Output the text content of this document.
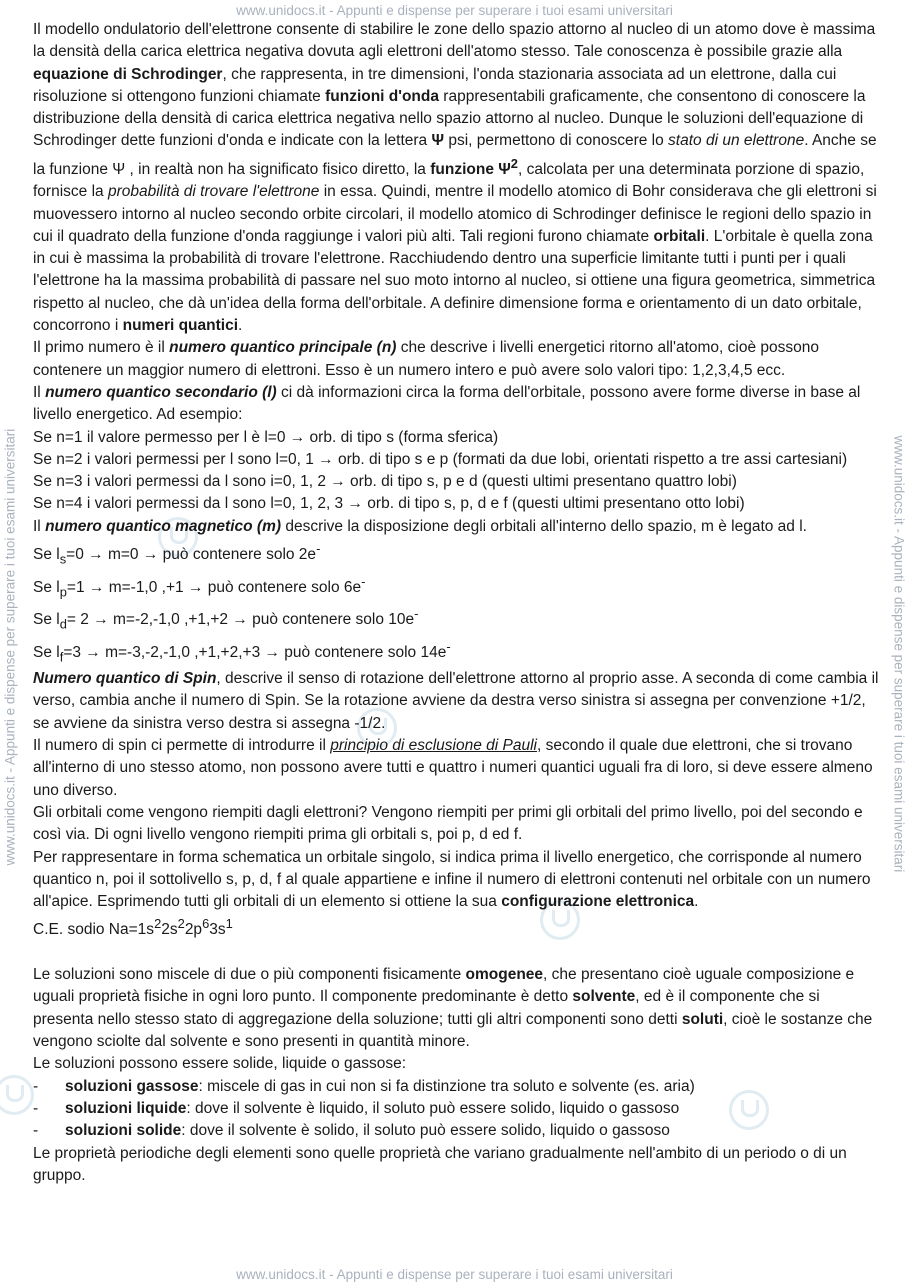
www.unidocs.it - Appunti e dispense per superare i tuoi esami universitari
www.unidocs.it - Appunti e dispense per superare i tuoi esami universitari
www.unidocs.it - Appunti e dispense per superare i tuoi esami universitari	www.unidocs.it - Appunti e dispense per superare i tuoi esami universitari

Il modello ondulatorio dell'elettrone consente di stabilire le zone dello spazio attorno al nucleo di un atomo dove è massima la densità della carica elettrica negativa dovuta agli elettroni dell'atomo stesso. Tale conoscenza è possibile grazie alla equazione di Schrodinger, che rappresenta, in tre dimensioni, l'onda stazionaria associata ad un elettrone, dalla cui risoluzione si ottengono funzioni chiamate funzioni d'onda rappresentabili graficamente, che consentono di conoscere la distribuzione della densità di carica elettrica negativa nello spazio attorno al nucleo. Dunque le soluzioni dell'equazione di Schrodinger dette funzioni d'onda e indicate con la lettera Ψ psi, permettono di conoscere lo stato di un elettrone. Anche se la funzione Ψ , in realtà non ha significato fisico diretto, la funzione $\Psi^2$, calcolata per una determinata porzione di spazio, fornisce la probabilità di trovare l'elettrone in essa. Quindi, mentre il modello atomico di Bohr considerava che gli elettroni si muovessero intorno al nucleo secondo orbite circolari, il modello atomico di Schrodinger definisce le regioni dello spazio in cui il quadrato della funzione d'onda raggiunge i valori più alti. Tali regioni furono chiamate orbitali. L'orbitale è quella zona in cui è massima la probabilità di trovare l'elettrone. Racchiudendo dentro una superficie limitante tutti i punti per i quali l'elettrone ha la massima probabilità di passare nel suo moto intorno al nucleo, si ottiene una figura geometrica, simmetrica rispetto al nucleo, che dà un'idea della forma dell'orbitale. A definire dimensione forma e orientamento di un dato orbitale, concorrono i numeri quantici.

Il primo numero è il numero quantico principale (n) che descrive i livelli energetici ritorno all'atomo, cioè possono contenere un maggior numero di elettroni. Esso è un numero intero e può avere solo valori tipo: 1,2,3,4,5 ecc.

Il numero quantico secondario (l) ci dà informazioni circa la forma dell'orbitale, possono avere forme diverse in base al livello energetico. Ad esempio:

Se n=1 il valore permesso per l è l=0 → orb. di tipo s (forma sferica)

Se n=2 i valori permessi per l sono l=0, 1 → orb. di tipo s e p (formati da due lobi, orientati rispetto a tre assi cartesiani)

Se n=3 i valori permessi da l sono i=0, 1, 2 → orb. di tipo s, p e d (questi ultimi presentano quattro lobi)

Se n=4 i valori permessi da l sono l=0, 1, 2, 3 → orb. di tipo s, p, d e f (questi ultimi presentano otto lobi)

Il numero quantico magnetico (m) descrive la disposizione degli orbitali all'interno dello spazio, m è legato ad l.

Se $l_s=0 \to m=0$ → può contenere solo 2e-

Se $l_p=1 \to m=-1,0$ ,+1 → può contenere solo 6e-

Se $l_d= 2 \to m=-2,-1,0$ ,+1,+2 → può contenere solo 10e-

Se $l_f=3 \to m=-3,-2,-1,0$ ,+1,+2,+3 → può contenere solo 14e-

Numero quantico di Spin, descrive il senso di rotazione dell'elettrone attorno al proprio asse. A seconda di come cambia il verso, cambia anche il numero di Spin. Se la rotazione avviene da destra verso sinistra si assegna per convenzione +1/2, se avviene da sinistra verso destra si assegna -1/2.

Il numero di spin ci permette di introdurre il principio di esclusione di Pauli, secondo il quale due elettroni, che si trovano all'interno di uno stesso atomo, non possono avere tutti e quattro i numeri quantici uguali fra di loro, si deve essere almeno uno diverso.

Gli orbitali come vengono riempiti dagli elettroni? Vengono riempiti per primi gli orbitali del primo livello, poi del secondo e così via. Di ogni livello vengono riempiti prima gli orbitali s, poi p, d ed f.

Per rappresentare in forma schematica un orbitale singolo, si indica prima il livello energetico, che corrisponde al numero quantico n, poi il sottolivello s, p, d, f al quale appartiene e infine il numero di elettroni contenuti nel orbitale con un numero all'apice. Esprimendo tutti gli orbitali di un elemento si ottiene la sua configurazione elettronica.

C.E. sodio $Na=1s^22s^22p^63s^1$

Le soluzioni sono miscele di due o più componenti fisicamente omogenee, che presentano cioè uguale composizione e uguali proprietà fisiche in ogni loro punto. Il componente predominante è detto solvente, ed è il componente che si presenta nello stesso stato di aggregazione della soluzione; tutti gli altri componenti sono detti soluti, cioè le sostanze che vengono sciolte dal solvente e sono presenti in quantità minore.

Le soluzioni possono essere solide, liquide o gassose:

-	soluzioni gassose: miscele di gas in cui non si fa distinzione tra soluto e solvente (es. aria)
-	soluzioni liquide: dove il solvente è liquido, il soluto può essere solido, liquido o gassoso
-	soluzioni solide: dove il solvente è solido, il soluto può essere solido, liquido o gassoso

Le proprietà periodiche degli elementi sono quelle proprietà che variano gradualmente nell'ambito di un periodo o di un gruppo.
